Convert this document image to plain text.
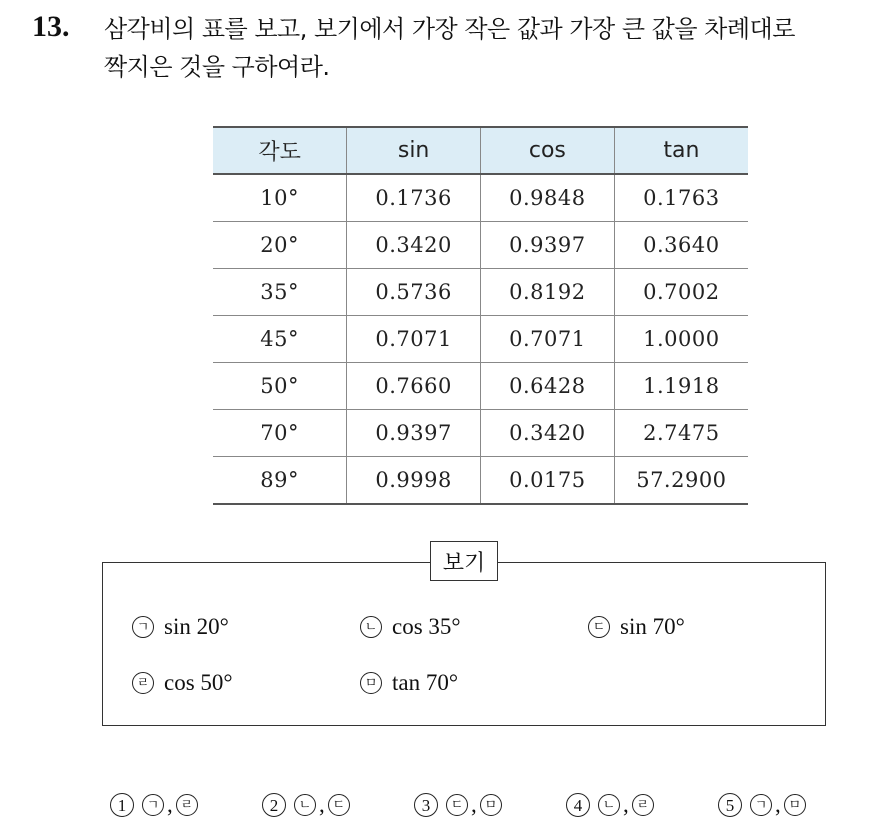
13. 삼각비의 표를 보고, 보기에서 가장 작은 값과 가장 큰 값을 차례대로
짝지은 것을 구하여라.
각도	sin	cos	tan
10°	0.1736	0.9848	0.1763
20°	0.3420	0.9397	0.3640
35°	0.5736	0.8192	0.7002
45°	0.7071	0.7071	1.0000
50°	0.7660	0.6428	1.1918
70°	0.9397	0.3420	2.7475
89°	0.9998	0.0175	57.2900
보기
ㄱ sin 20°	ㄴ cos 35°	ㄷ sin 70°
ㄹ cos 50°	ㅁ tan 70°
1	ㄱ , ㄹ	2	ㄴ , ㄷ	3	ㄷ , ㅁ	4	ㄴ , ㄹ	5	ㄱ , ㅁ
